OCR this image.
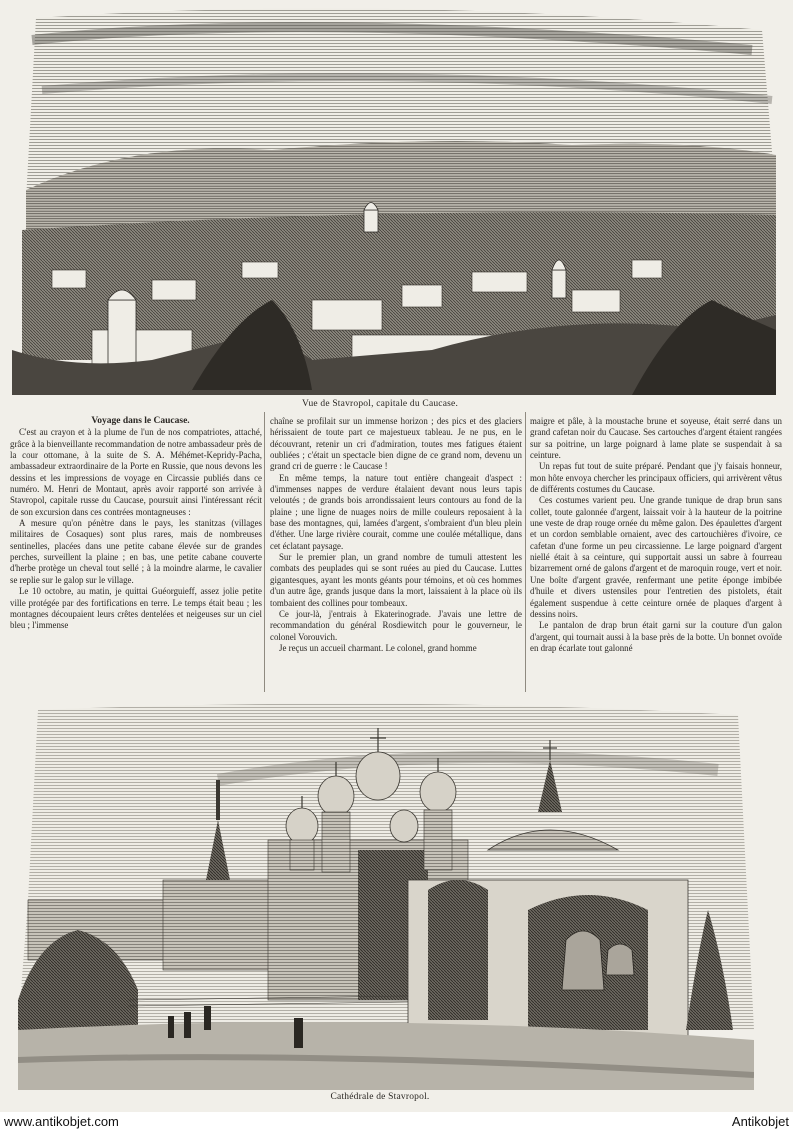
Vue de Stavropol, capitale du Caucase.

Voyage dans le Caucase.

C'est au crayon et à la plume de l'un de nos compatriotes, attaché, grâce à la bienveillante recommandation de notre ambassadeur près de la cour ottomane, à la suite de S. A. Méhémet-Kepridy-Pacha, ambassadeur extraordinaire de la Porte en Russie, que nous devons les dessins et les impressions de voyage en Circassie publiés dans ce numéro. M. Henri de Montaut, après avoir rapporté son arrivée à Stavropol, capitale russe du Caucase, poursuit ainsi l'intéressant récit de son excursion dans ces contrées montagneuses :

A mesure qu'on pénètre dans le pays, les stanitzas (villages militaires de Cosaques) sont plus rares, mais de nombreuses sentinelles, placées dans une petite cabane élevée sur de grandes perches, surveillent la plaine ; en bas, une petite cabane couverte d'herbe protège un cheval tout sellé ; à la moindre alarme, le cavalier se replie sur le galop sur le village.

Le 10 octobre, au matin, je quittai Guéorguieff, assez jolie petite ville protégée par des fortifications en terre. Le temps était beau ; les montagnes découpaient leurs crêtes dentelées et neigeuses sur un ciel bleu ; l'immense

chaîne se profilait sur un immense horizon ; des pics et des glaciers hérissaient de toute part ce majestueux tableau. Je ne pus, en le découvrant, retenir un cri d'admiration, toutes mes fatigues étaient oubliées ; c'était un spectacle bien digne de ce grand nom, devenu un grand cri de guerre : le Caucase !

En même temps, la nature tout entière changeait d'aspect : d'immenses nappes de verdure étalaient devant nous leurs tapis veloutés ; de grands bois arrondissaient leurs contours au fond de la plaine ; une ligne de nuages noirs de mille couleurs reposaient à la base des montagnes, qui, lamées d'argent, s'ombraient d'un bleu plein d'éther. Une large rivière courait, comme une coulée métallique, dans cet éclatant paysage.

Sur le premier plan, un grand nombre de tumuli attestent les combats des peuplades qui se sont ruées au pied du Caucase. Luttes gigantesques, ayant les monts géants pour témoins, et où ces hommes d'un autre âge, grands jusque dans la mort, laissaient à la place où ils tombaient des collines pour tombeaux.

Ce jour-là, j'entrais à Ekaterinograde. J'avais une lettre de recommandation du général Rosdiewitch pour le gouverneur, le colonel Vorouvich.

Je reçus un accueil charmant. Le colonel, grand homme

maigre et pâle, à la moustache brune et soyeuse, était serré dans un grand cafetan noir du Caucase. Ses cartouches d'argent étaient rangées sur sa poitrine, un large poignard à lame plate se suspendait à sa ceinture.

Un repas fut tout de suite préparé. Pendant que j'y faisais honneur, mon hôte envoya chercher les principaux officiers, qui arrivèrent vêtus de différents costumes du Caucase.

Ces costumes varient peu. Une grande tunique de drap brun sans collet, toute galonnée d'argent, laissait voir à la hauteur de la poitrine une veste de drap rouge ornée du même galon. Des épaulettes d'argent et un cordon semblable ornaient, avec des cartouchières d'ivoire, ce cafetan d'une forme un peu circassienne. Le large poignard d'argent niellé était à sa ceinture, qui supportait aussi un sabre à fourreau bizarrement orné de galons d'argent et de maroquin rouge, vert et noir. Une boîte d'argent gravée, renfermant une petite éponge imbibée d'huile et divers ustensiles pour l'entretien des pistolets, était également suspendue à cette ceinture ornée de plaques d'argent à dessins noirs.

Le pantalon de drap brun était garni sur la couture d'un galon d'argent, qui tournait aussi à la base près de la botte. Un bonnet ovoïde en drap écarlate tout galonné

Cathédrale de Stavropol.
www.antikobjet.com	Antikobjet
